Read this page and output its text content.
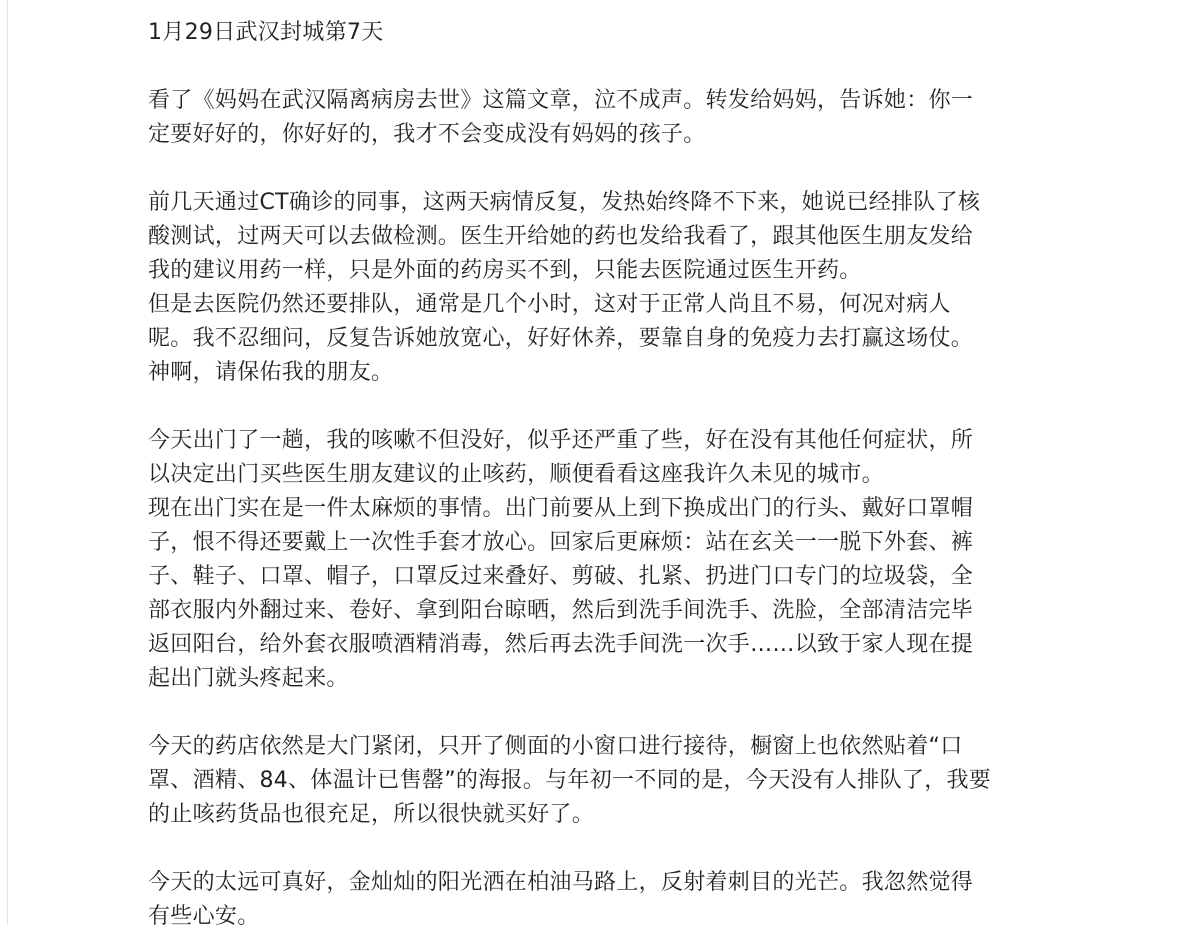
1月29日武汉封城第7天

看了《妈妈在武汉隔离病房去世》这篇文章，泣不成声。转发给妈妈，告诉她：你一
定要好好的，你好好的，我才不会变成没有妈妈的孩子。

前几天通过CT确诊的同事，这两天病情反复，发热始终降不下来，她说已经排队了核
酸测试，过两天可以去做检测。医生开给她的药也发给我看了，跟其他医生朋友发给
我的建议用药一样，只是外面的药房买不到，只能去医院通过医生开药。
但是去医院仍然还要排队，通常是几个小时，这对于正常人尚且不易，何况对病人
呢。我不忍细问，反复告诉她放宽心，好好休养，要靠自身的免疫力去打赢这场仗。
神啊，请保佑我的朋友。

今天出门了一趟，我的咳嗽不但没好，似乎还严重了些，好在没有其他任何症状，所
以决定出门买些医生朋友建议的止咳药，顺便看看这座我许久未见的城市。
现在出门实在是一件太麻烦的事情。出门前要从上到下换成出门的行头、戴好口罩帽
子，恨不得还要戴上一次性手套才放心。回家后更麻烦：站在玄关一一脱下外套、裤
子、鞋子、口罩、帽子，口罩反过来叠好、剪破、扎紧、扔进门口专门的垃圾袋，全
部衣服内外翻过来、卷好、拿到阳台晾晒，然后到洗手间洗手、洗脸，全部清洁完毕
返回阳台，给外套衣服喷酒精消毒，然后再去洗手间洗一次手……以致于家人现在提
起出门就头疼起来。

今天的药店依然是大门紧闭，只开了侧面的小窗口进行接待，橱窗上也依然贴着“口
罩、酒精、84、体温计已售罄”的海报。与年初一不同的是，今天没有人排队了，我要
的止咳药货品也很充足，所以很快就买好了。

今天的太远可真好，金灿灿的阳光洒在柏油马路上，反射着刺目的光芒。我忽然觉得
有些心安。
